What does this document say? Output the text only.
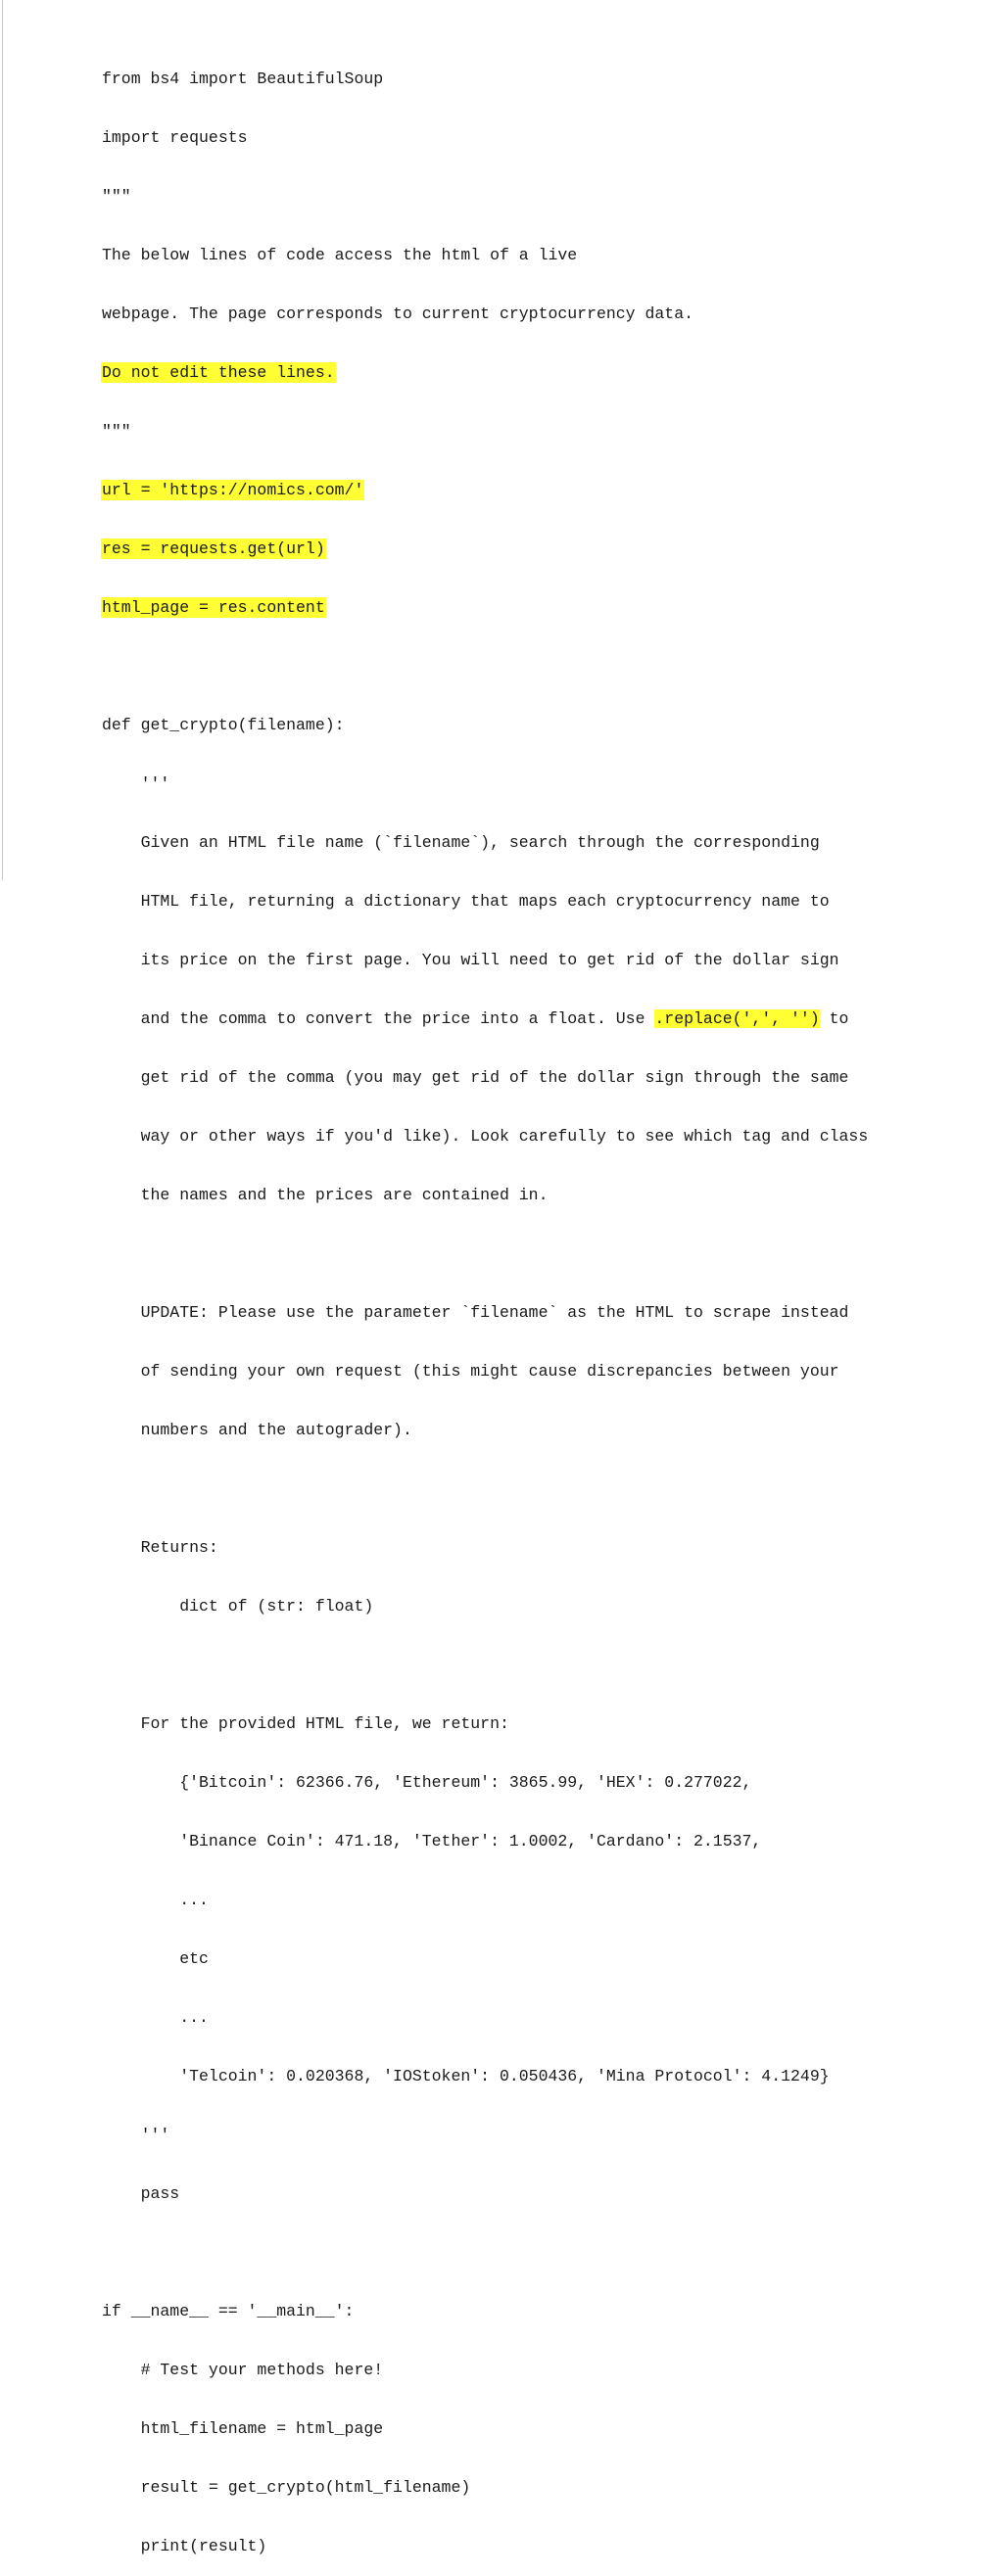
from bs4 import BeautifulSoup

import requests

"""

The below lines of code access the html of a live

webpage. The page corresponds to current cryptocurrency data.

Do not edit these lines.

"""

url = 'https://nomics.com/'

res = requests.get(url)

html_page = res.content

def get_crypto(filename):

'''

Given an HTML file name (`filename`), search through the corresponding

HTML file, returning a dictionary that maps each cryptocurrency name to

its price on the first page. You will need to get rid of the dollar sign

and the comma to convert the price into a float. Use .replace(',', '') to

get rid of the comma (you may get rid of the dollar sign through the same

way or other ways if you'd like). Look carefully to see which tag and class

the names and the prices are contained in.

UPDATE: Please use the parameter `filename` as the HTML to scrape instead

of sending your own request (this might cause discrepancies between your

numbers and the autograder).

Returns:

dict of (str: float)

For the provided HTML file, we return:

{'Bitcoin': 62366.76, 'Ethereum': 3865.99, 'HEX': 0.277022,

'Binance Coin': 471.18, 'Tether': 1.0002, 'Cardano': 2.1537,

...

etc

...

'Telcoin': 0.020368, 'IOStoken': 0.050436, 'Mina Protocol': 4.1249}

'''

pass

if __name__ == '__main__':

# Test your methods here!

html_filename = html_page

result = get_crypto(html_filename)

print(result)
